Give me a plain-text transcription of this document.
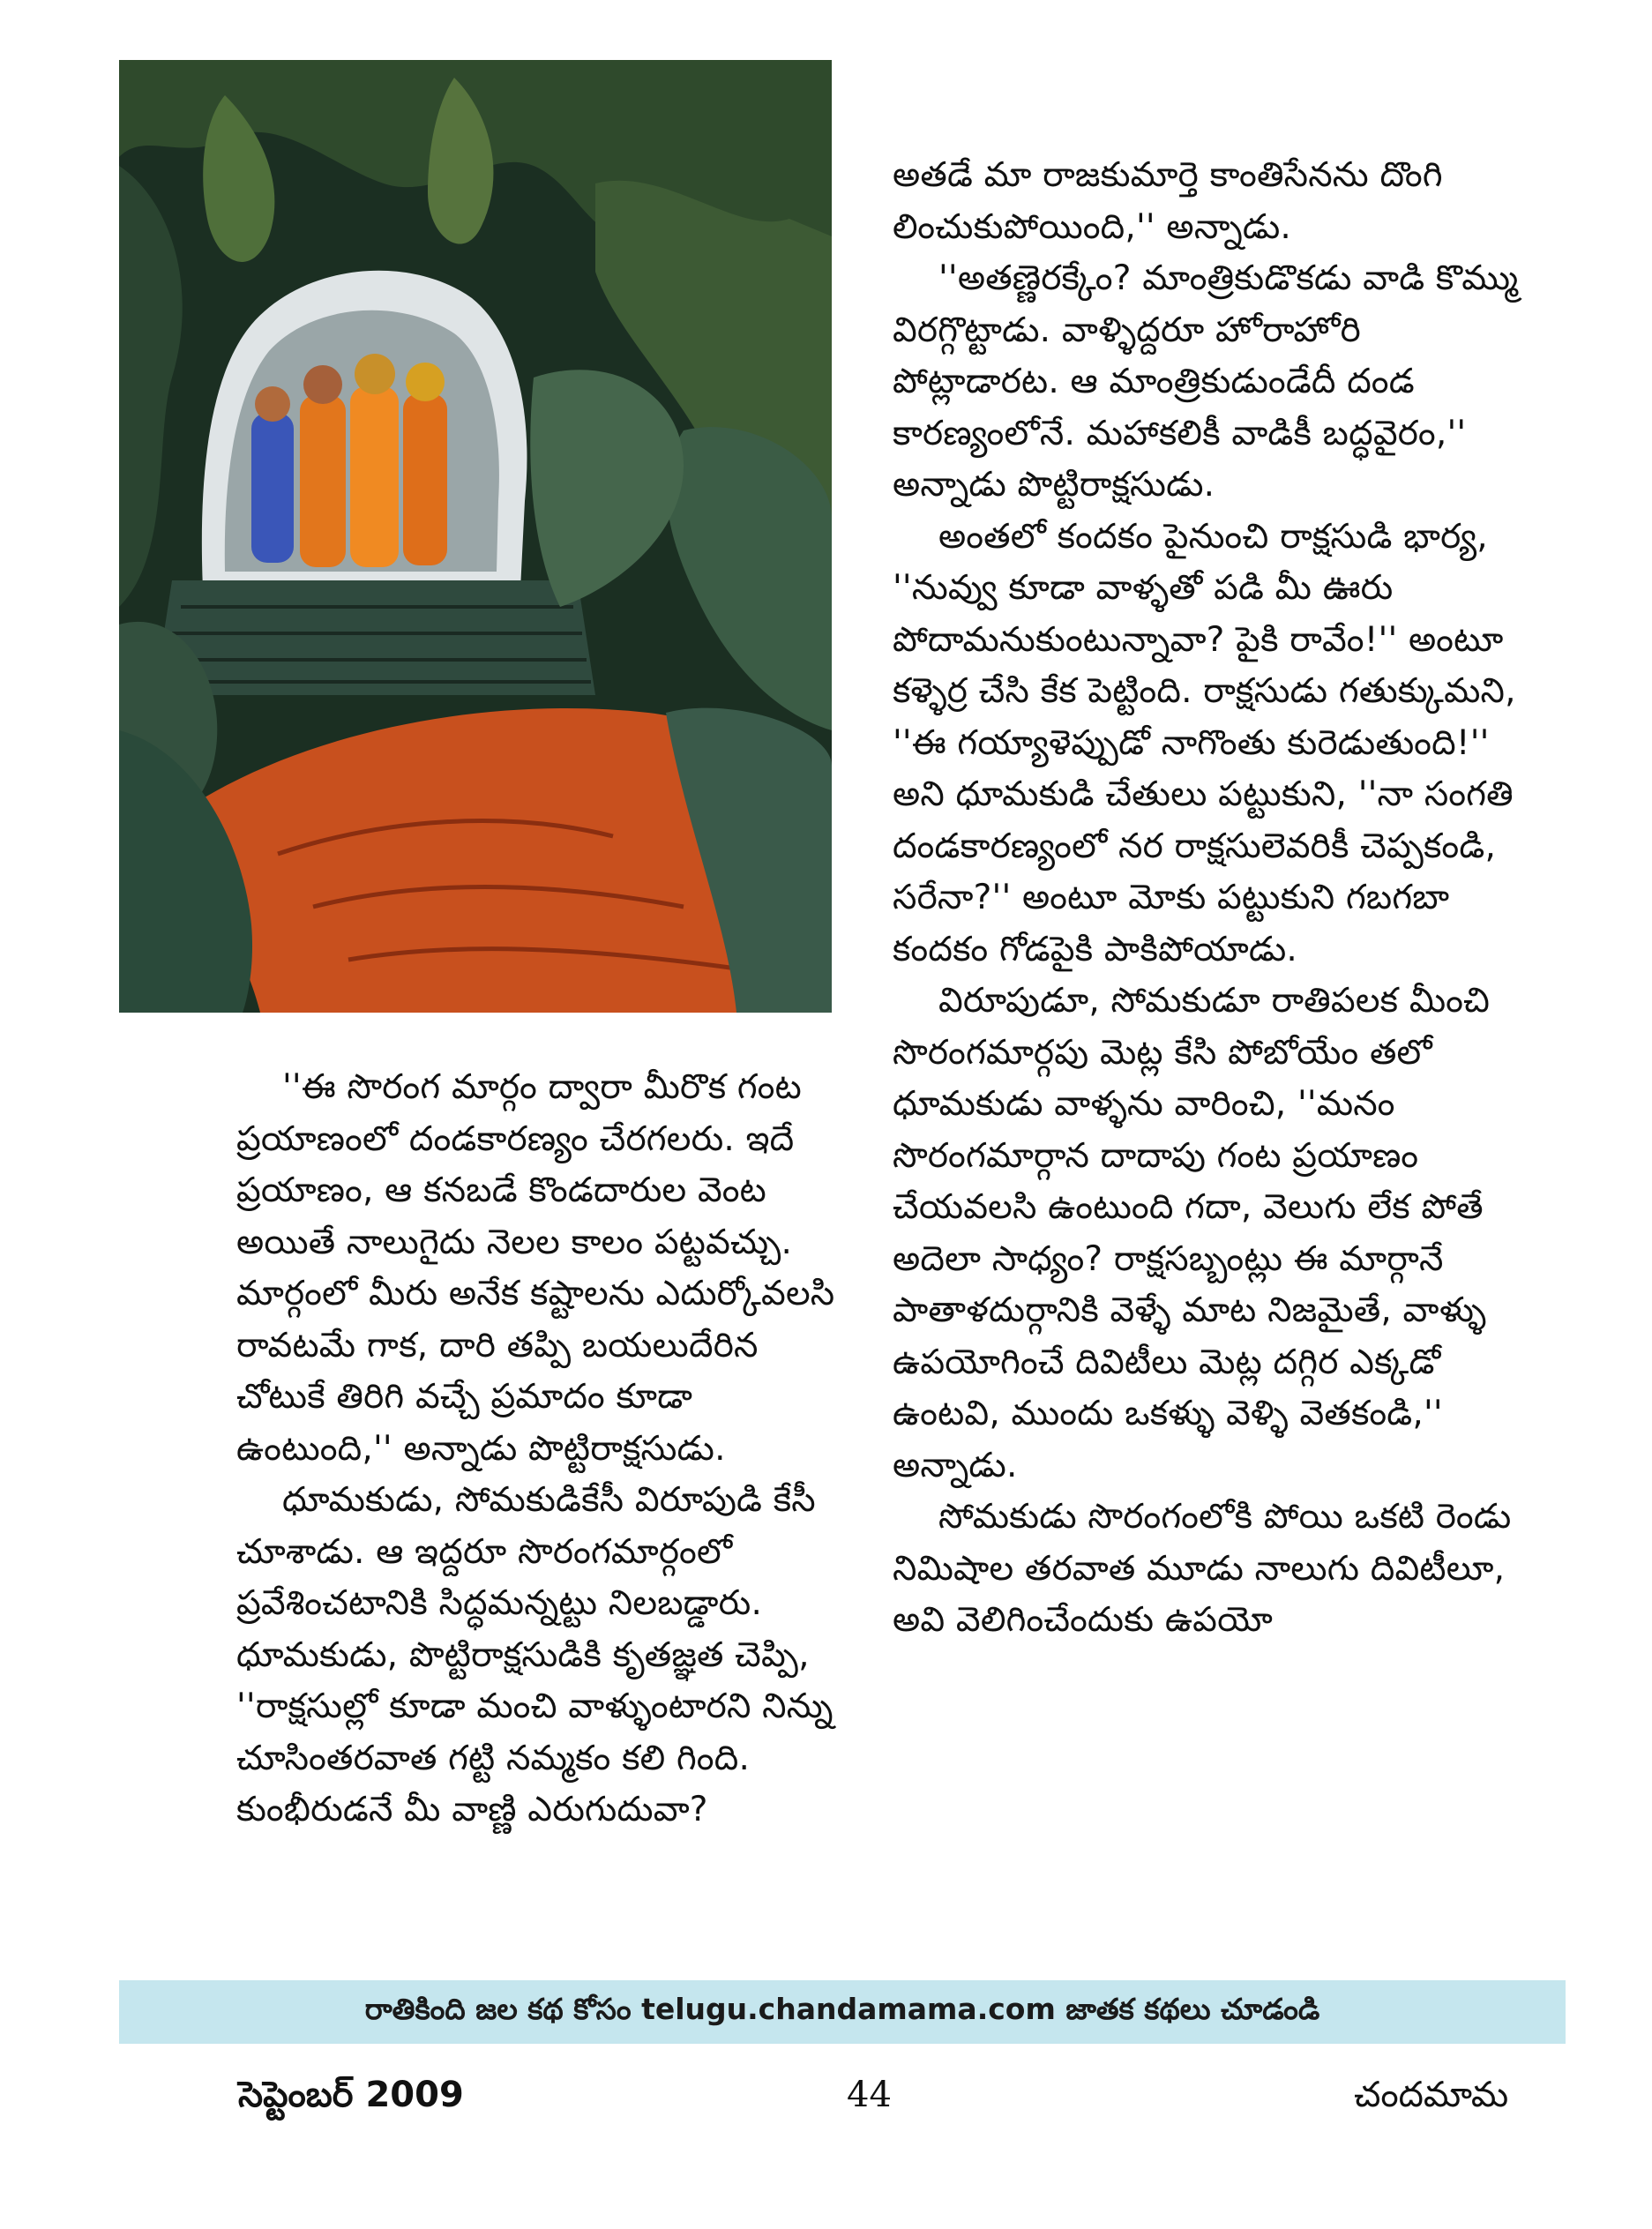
అతడే మా రాజకుమార్తె కాంతిసేనను దొంగి లించుకుపోయింది,'' అన్నాడు.

''అతణ్ణెరక్కేం? మాంత్రికుడొకడు వాడి కొమ్ము విరగ్గొట్టాడు. వాళ్ళిద్దరూ హోరాహోరి పోట్లాడారట. ఆ మాంత్రికుడుండేదీ దండ కారణ్యంలోనే. మహాకలికీ వాడికీ బద్ధవైరం,'' అన్నాడు పొట్టిరాక్షసుడు.

అంతలో కందకం పైనుంచి రాక్షసుడి భార్య, ''నువ్వు కూడా వాళ్ళతో పడి మీ ఊరు పోదామనుకుంటున్నావా? పైకి రావేం!'' అంటూ కళ్ళెర్ర చేసి కేక పెట్టింది. రాక్షసుడు గతుక్కుమని, ''ఈ గయ్యాళెప్పుడో నాగొంతు కురెడుతుంది!'' అని ధూమకుడి చేతులు పట్టుకుని, ''నా సంగతి దండకారణ్యంలో నర రాక్షసులెవరికీ చెప్పకండి, సరేనా?'' అంటూ మోకు పట్టుకుని గబగబా కందకం గోడపైకి పాకిపోయాడు.

విరూపుడూ, సోమకుడూ రాతిపలక మీంచి సొరంగమార్గపు మెట్ల కేసి పోబోయేం తలో ధూమకుడు వాళ్ళను వారించి, ''మనం సొరంగమార్గాన దాదాపు గంట ప్రయాణం చేయవలసి ఉంటుంది గదా, వెలుగు లేక పోతే అదెలా సాధ్యం? రాక్షసబ్బంట్లు ఈ మార్గానే పాతాళదుర్గానికి వెళ్ళే మాట నిజమైతే, వాళ్ళు ఉపయోగించే దివిటీలు మెట్ల దగ్గిర ఎక్కడో ఉంటవి, ముందు ఒకళ్ళు వెళ్ళి వెతకండి,'' అన్నాడు.

సోమకుడు సొరంగంలోకి పోయి ఒకటి రెండు నిమిషాల తరవాత మూడు నాలుగు దివిటీలూ, అవి వెలిగించేందుకు ఉపయో

''ఈ సొరంగ మార్గం ద్వారా మీరొక గంట ప్రయాణంలో దండకారణ్యం చేరగలరు. ఇదే ప్రయాణం, ఆ కనబడే కొండదారుల వెంట అయితే నాలుగైదు నెలల కాలం పట్టవచ్చు. మార్గంలో మీరు అనేక కష్టాలను ఎదుర్కోవలసి రావటమే గాక, దారి తప్పి బయలుదేరిన చోటుకే తిరిగి వచ్చే ప్రమాదం కూడా ఉంటుంది,'' అన్నాడు పొట్టిరాక్షసుడు.

ధూమకుడు, సోమకుడికేసీ విరూపుడి కేసీ చూశాడు. ఆ ఇద్దరూ సొరంగమార్గంలో ప్రవేశించటానికి సిద్ధమన్నట్టు నిలబడ్డారు. ధూమకుడు, పొట్టిరాక్షసుడికి కృతజ్ఞత చెప్పి, ''రాక్షసుల్లో కూడా మంచి వాళ్ళుంటారని నిన్ను చూసింతరవాత గట్టి నమ్మకం కలి గింది. కుంభీరుడనే మీ వాణ్ణి ఎరుగుదువా?

రాతికింది జల కథ కోసం telugu.chandamama.com జాతక కథలు చూడండి
సెప్టెంబర్ 2009	44	చందమామ
